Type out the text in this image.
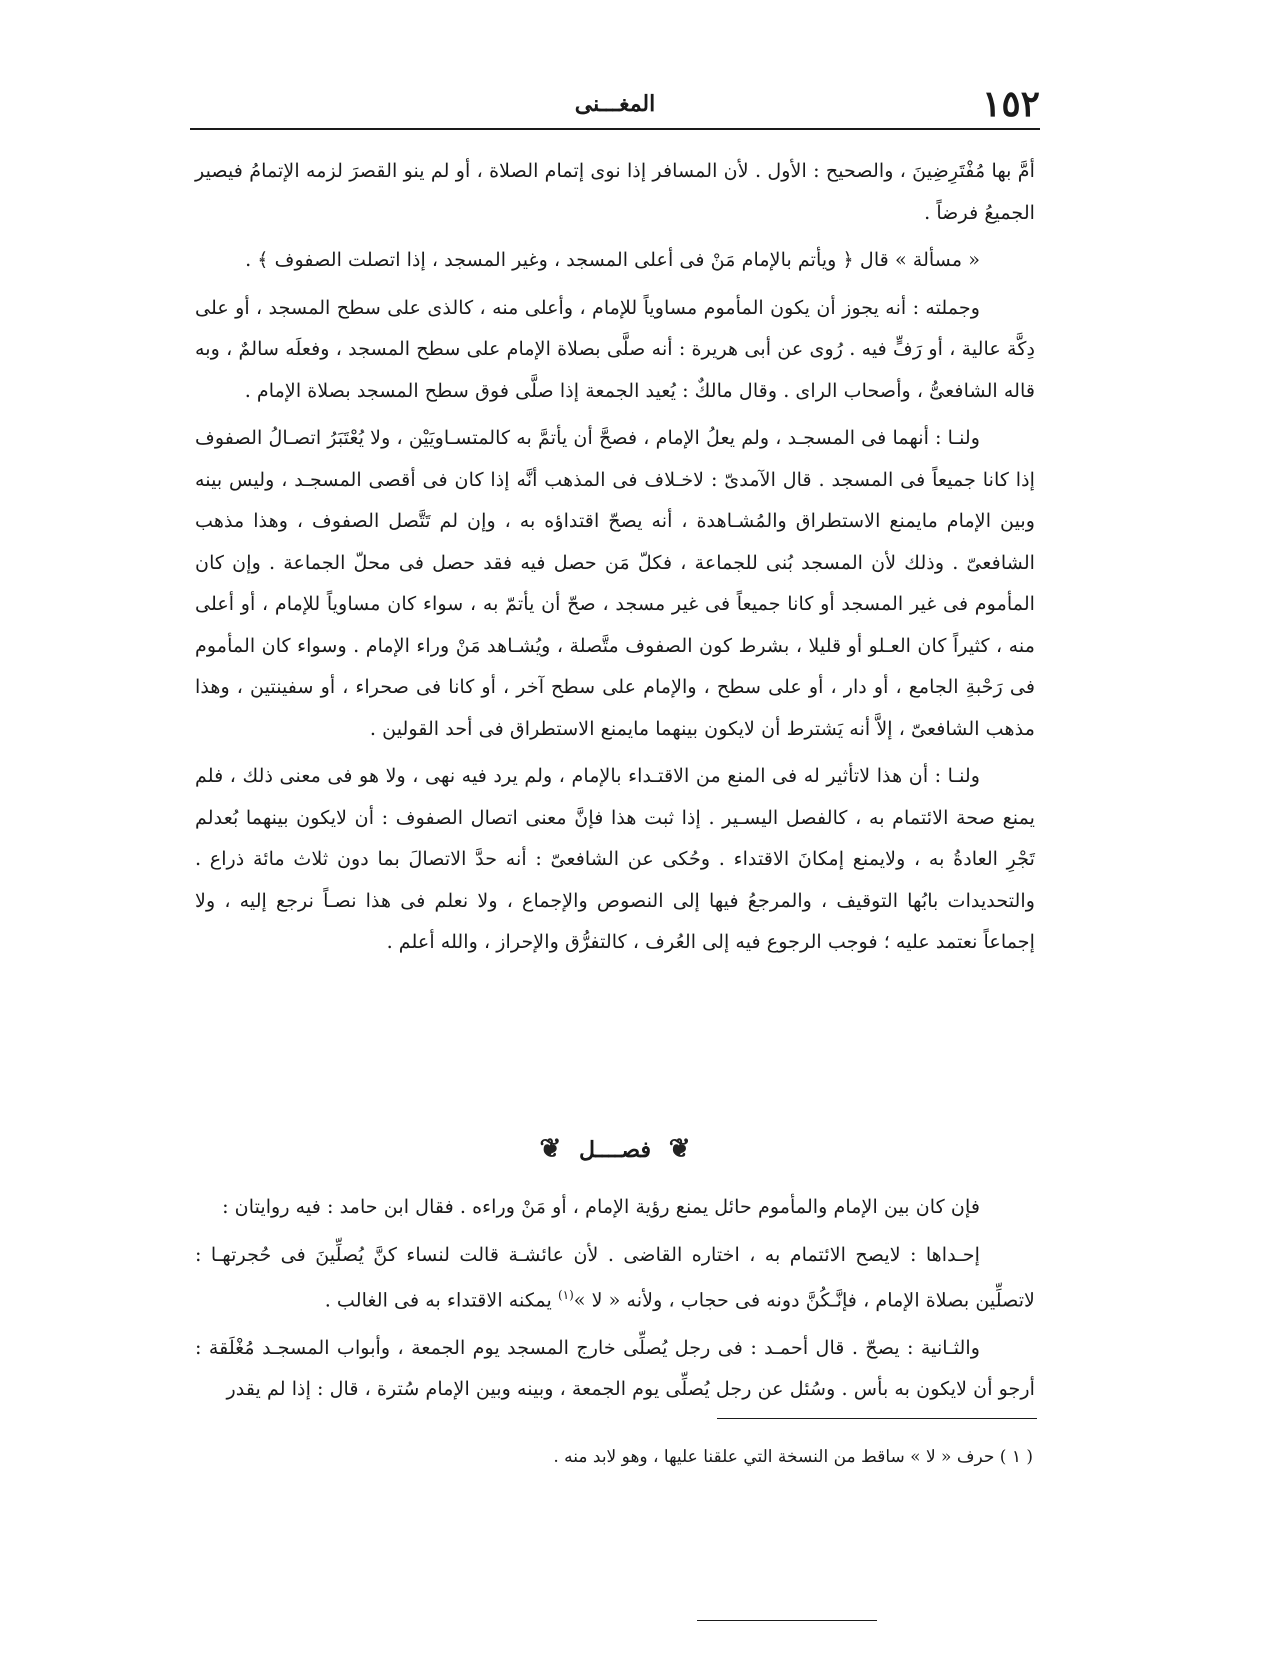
١٥٢
المغـــنى

أمَّ بها مُفْتَرِضِينَ ، والصحيح : الأول . لأن المسافر إذا نوى إتمام الصلاة ، أو لم ينو القصرَ لزمه الإتمامُ فيصير الجميعُ فرضاً .

« مسألة » قال ﴿ ويأتم بالإمام مَنْ فى أعلى المسجد ، وغير المسجد ، إذا اتصلت الصفوف ﴾ .

وجملته : أنه يجوز أن يكون المأموم مساوياً للإمام ، وأعلى منه ، كالذى على سطح المسجد ، أو على دِكَّة عالية ، أو رَفٍّ فيه . رُوى عن أبى هريرة : أنه صلَّى بصلاة الإمام على سطح المسجد ، وفعلَه سالمٌ ، وبه قاله الشافعىُّ ، وأصحاب الراى . وقال مالكٌ : يُعيد الجمعة إذا صلَّى فوق سطح المسجد بصلاة الإمام .

ولنـا : أنهما فى المسجـد ، ولم يعلُ الإمام ، فصحَّ أن يأتمَّ به كالمتسـاويَيْن ، ولا يُعْتَبَرُ اتصـالُ الصفوف إذا كانا جميعاً فى المسجد . قال الآمدىّ : لاخـلاف فى المذهب أنَّه إذا كان فى أقصى المسجـد ، وليس بينه وبين الإمام مايمنع الاستطراق والمُشـاهدة ، أنه يصحّ اقتداؤه به ، وإن لم تَتَّصل الصفوف ، وهذا مذهب الشافعىّ . وذلك لأن المسجد بُنى للجماعة ، فكلّ مَن حصل فيه فقد حصل فى محلّ الجماعة . وإن كان المأموم فى غير المسجد أو كانا جميعاً فى غير مسجد ، صحّ أن يأتمّ به ، سواء كان مساوياً للإمام ، أو أعلى منه ، كثيراً كان العـلو أو قليلا ، بشرط كون الصفوف متَّصلة ، ويُشـاهد مَنْ وراء الإمام . وسواء كان المأموم فى رَحْبةِ الجامع ، أو دار ، أو على سطح ، والإمام على سطح آخر ، أو كانا فى صحراء ، أو سفينتين ، وهذا مذهب الشافعىّ ، إلاَّ أنه يَشترط أن لايكون بينهما مايمنع الاستطراق فى أحد القولين .

ولنـا : أن هذا لاتأثير له فى المنع من الاقتـداء بالإمام ، ولم يرد فيه نهى ، ولا هو فى معنى ذلك ، فلم يمنع صحة الائتمام به ، كالفصل اليسـير . إذا ثبت هذا فإنَّ معنى اتصال الصفوف : أن لايكون بينهما بُعدلم تَجْرِ العادةُ به ، ولايمنع إمكانَ الاقتداء . وحُكى عن الشافعىّ : أنه حدَّ الاتصالَ بما دون ثلاث مائة ذراع . والتحديدات بابُها التوقيف ، والمرجعُ فيها إلى النصوص والإجماع ، ولا نعلم فى هذا نصـاً نرجع إليه ، ولا إجماعاً نعتمد عليه ؛ فوجب الرجوع فيه إلى العُرف ، كالتفرُّق والإحراز ، والله أعلم .

❦ فصــــل ❦

فإن كان بين الإمام والمأموم حائل يمنع رؤية الإمام ، أو مَنْ وراءه . فقال ابن حامد : فيه روايتان :

إحـداها : لايصح الائتمام به ، اختاره القاضى . لأن عائشـة قالت لنساء كنَّ يُصلِّينَ فى حُجرتهـا : لاتصلِّين بصلاة الإمام ، فإنَّـكُنَّ دونه فى حجاب ، ولأنه « لا »$^{(١)}$ يمكنه الاقتداء به فى الغالب .

والثـانية : يصحّ . قال أحمـد : فى رجل يُصلِّى خارج المسجد يوم الجمعة ، وأبواب المسجـد مُغْلَقة : أرجو أن لايكون به بأس . وسُئل عن رجل يُصلِّى يوم الجمعة ، وبينه وبين الإمام سُترة ، قال : إذا لم يقدر

( ١ ) حرف « لا » ساقط من النسخة التي علقنا عليها ، وهو لابد منه .
